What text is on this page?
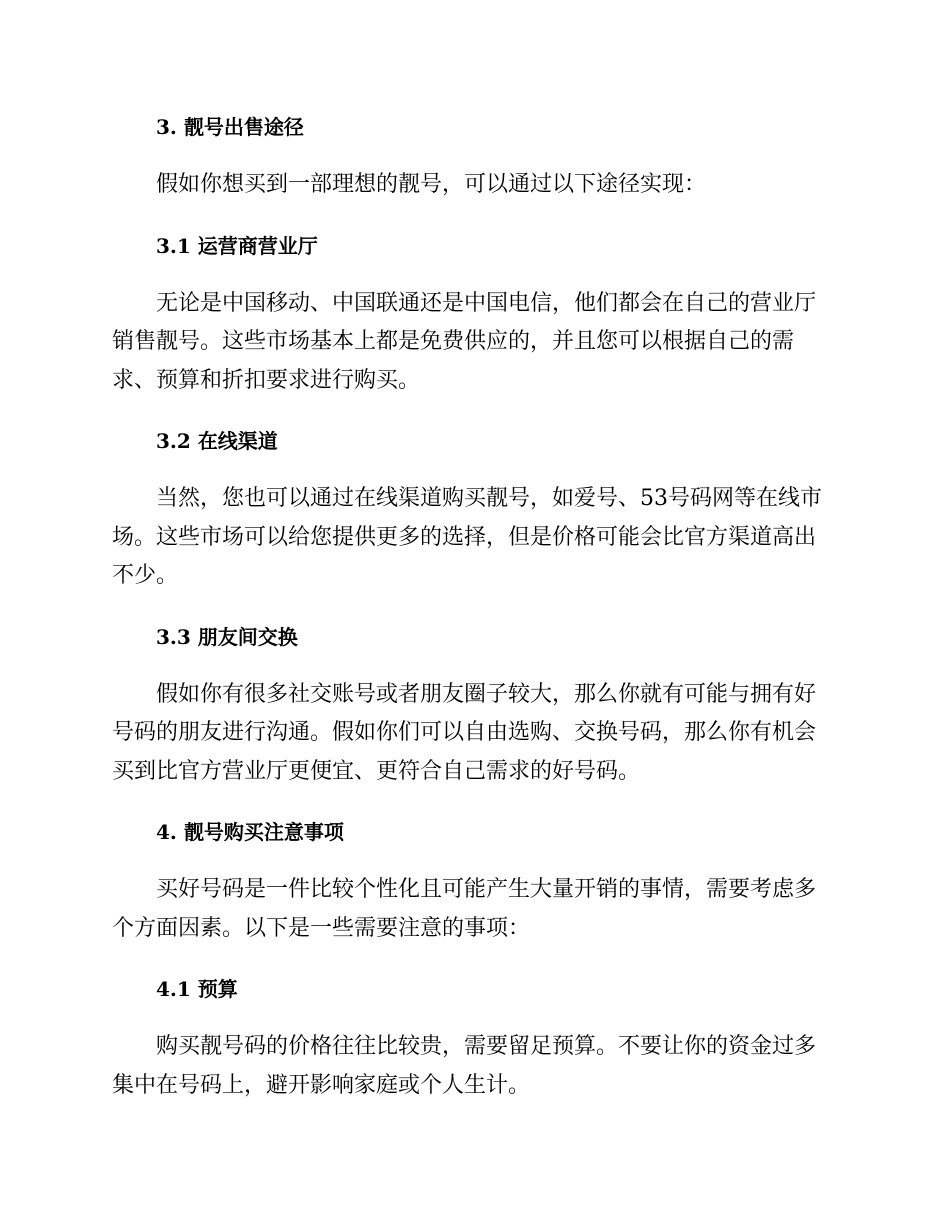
3. 靓号出售途径

假如你想买到一部理想的靓号，可以通过以下途径实现：

3.1 运营商营业厅

无论是中国移动、中国联通还是中国电信，他们都会在自己的营业厅销售靓号。这些市场基本上都是免费供应的，并且您可以根据自己的需求、预算和折扣要求进行购买。

3.2 在线渠道

当然，您也可以通过在线渠道购买靓号，如爱号、53号码网等在线市场。这些市场可以给您提供更多的选择，但是价格可能会比官方渠道高出不少。

3.3 朋友间交换

假如你有很多社交账号或者朋友圈子较大，那么你就有可能与拥有好号码的朋友进行沟通。假如你们可以自由选购、交换号码，那么你有机会买到比官方营业厅更便宜、更符合自己需求的好号码。

4. 靓号购买注意事项

买好号码是一件比较个性化且可能产生大量开销的事情，需要考虑多个方面因素。以下是一些需要注意的事项：

4.1 预算

购买靓号码的价格往往比较贵，需要留足预算。不要让你的资金过多集中在号码上，避开影响家庭或个人生计。
